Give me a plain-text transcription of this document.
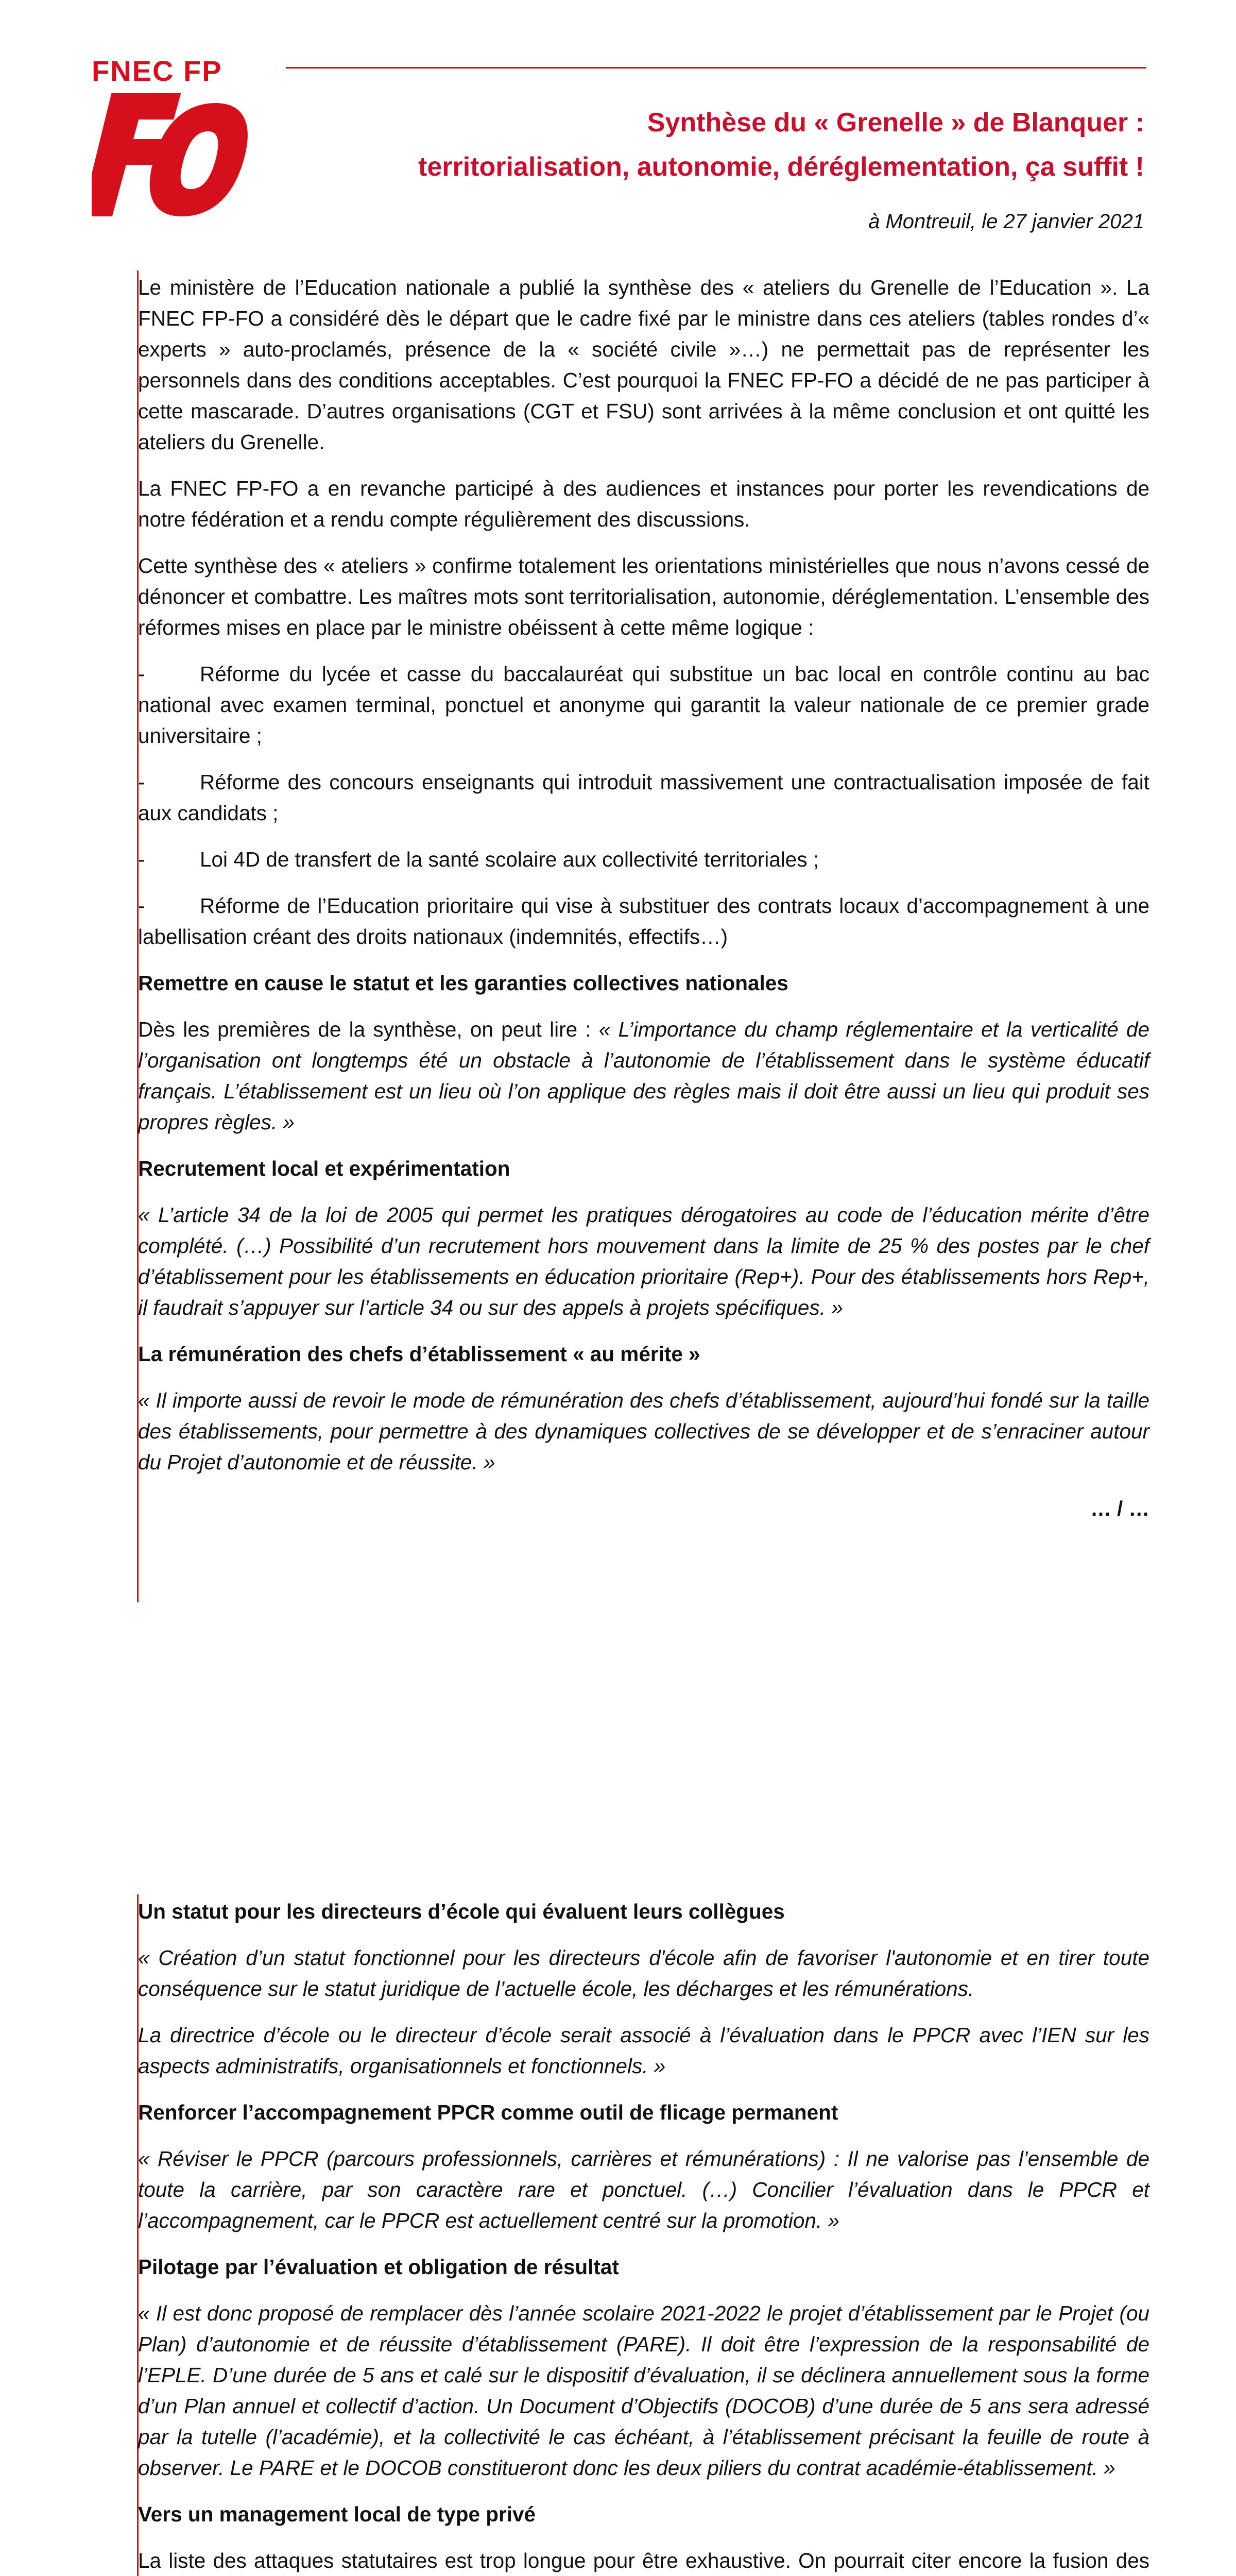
FNEC FP
Synthèse du « Grenelle » de Blanquer :
territorialisation, autonomie, déréglementation, ça suffit !
à Montreuil, le 27 janvier 2021

Le ministère de l’Education nationale a publié la synthèse des « ateliers du Grenelle de l’Education ». La FNEC FP-FO a considéré dès le départ que le cadre fixé par le ministre dans ces ateliers (tables rondes d’« experts » auto-proclamés, présence de la « société civile »…) ne permettait pas de représenter les personnels dans des conditions acceptables. C’est pourquoi la FNEC FP-FO a décidé de ne pas participer à cette mascarade. D’autres organisations (CGT et FSU) sont arrivées à la même conclusion et ont quitté les ateliers du Grenelle.

La FNEC FP-FO a en revanche participé à des audiences et instances pour porter les revendications de notre fédération et a rendu compte régulièrement des discussions.

Cette synthèse des « ateliers » confirme totalement les orientations ministérielles que nous n’avons cessé de dénoncer et combattre. Les maîtres mots sont territorialisation, autonomie, déréglementation. L’ensemble des réformes mises en place par le ministre obéissent à cette même logique :

-	Réforme du lycée et casse du baccalauréat qui substitue un bac local en contrôle continu au bac national avec examen terminal, ponctuel et anonyme qui garantit la valeur nationale de ce premier grade universitaire ;
-	Réforme des concours enseignants qui introduit massivement une contractualisation imposée de fait aux candidats ;
-	Loi 4D de transfert de la santé scolaire aux collectivité territoriales ;
-	Réforme de l’Education prioritaire qui vise à substituer des contrats locaux d’accompagnement à une labellisation créant des droits nationaux (indemnités, effectifs…)

Remettre en cause le statut et les garanties collectives nationales

Dès les premières de la synthèse, on peut lire : « L’importance du champ réglementaire et la verticalité de l’organisation ont longtemps été un obstacle à l’autonomie de l’établissement dans le système éducatif français. L’établissement est un lieu où l’on applique des règles mais il doit être aussi un lieu qui produit ses propres règles. »

Recrutement local et expérimentation

« L’article 34 de la loi de 2005 qui permet les pratiques dérogatoires au code de l’éducation mérite d’être complété. (…) Possibilité d’un recrutement hors mouvement dans la limite de 25 % des postes par le chef d’établissement pour les établissements en éducation prioritaire (Rep+). Pour des établissements hors Rep+, il faudrait s’appuyer sur l’article 34 ou sur des appels à projets spécifiques. »

La rémunération des chefs d’établissement « au mérite »

« Il importe aussi de revoir le mode de rémunération des chefs d’établissement, aujourd’hui fondé sur la taille des établissements, pour permettre à des dynamiques collectives de se développer et de s’enraciner autour du Projet d’autonomie et de réussite. »

… / …

Un statut pour les directeurs d’école qui évaluent leurs collègues

« Création d’un statut fonctionnel pour les directeurs d'école afin de favoriser l'autonomie et en tirer toute conséquence sur le statut juridique de l’actuelle école, les décharges et les rémunérations.

La directrice d’école ou le directeur d’école serait associé à l’évaluation dans le PPCR avec l’IEN sur les aspects administratifs, organisationnels et fonctionnels. »

Renforcer l’accompagnement PPCR comme outil de flicage permanent

« Réviser le PPCR (parcours professionnels, carrières et rémunérations) : Il ne valorise pas l’ensemble de toute la carrière, par son caractère rare et ponctuel. (…) Concilier l’évaluation dans le PPCR et l’accompagnement, car le PPCR est actuellement centré sur la promotion. »

Pilotage par l’évaluation et obligation de résultat

« Il est donc proposé de remplacer dès l’année scolaire 2021-2022 le projet d’établissement par le Projet (ou Plan) d’autonomie et de réussite d’établissement (PARE). Il doit être l’expression de la responsabilité de l’EPLE. D’une durée de 5 ans et calé sur le dispositif d’évaluation, il se déclinera annuellement sous la forme d’un Plan annuel et collectif d’action. Un Document d’Objectifs (DOCOB) d’une durée de 5 ans sera adressé par la tutelle (l’académie), et la collectivité le cas échéant, à l’établissement précisant la feuille de route à observer. Le PARE et le DOCOB constitueront donc les deux piliers du contrat académie-établissement. »

Vers un management local de type privé

La liste des attaques statutaires est trop longue pour être exhaustive. On pourrait citer encore la fusion des
